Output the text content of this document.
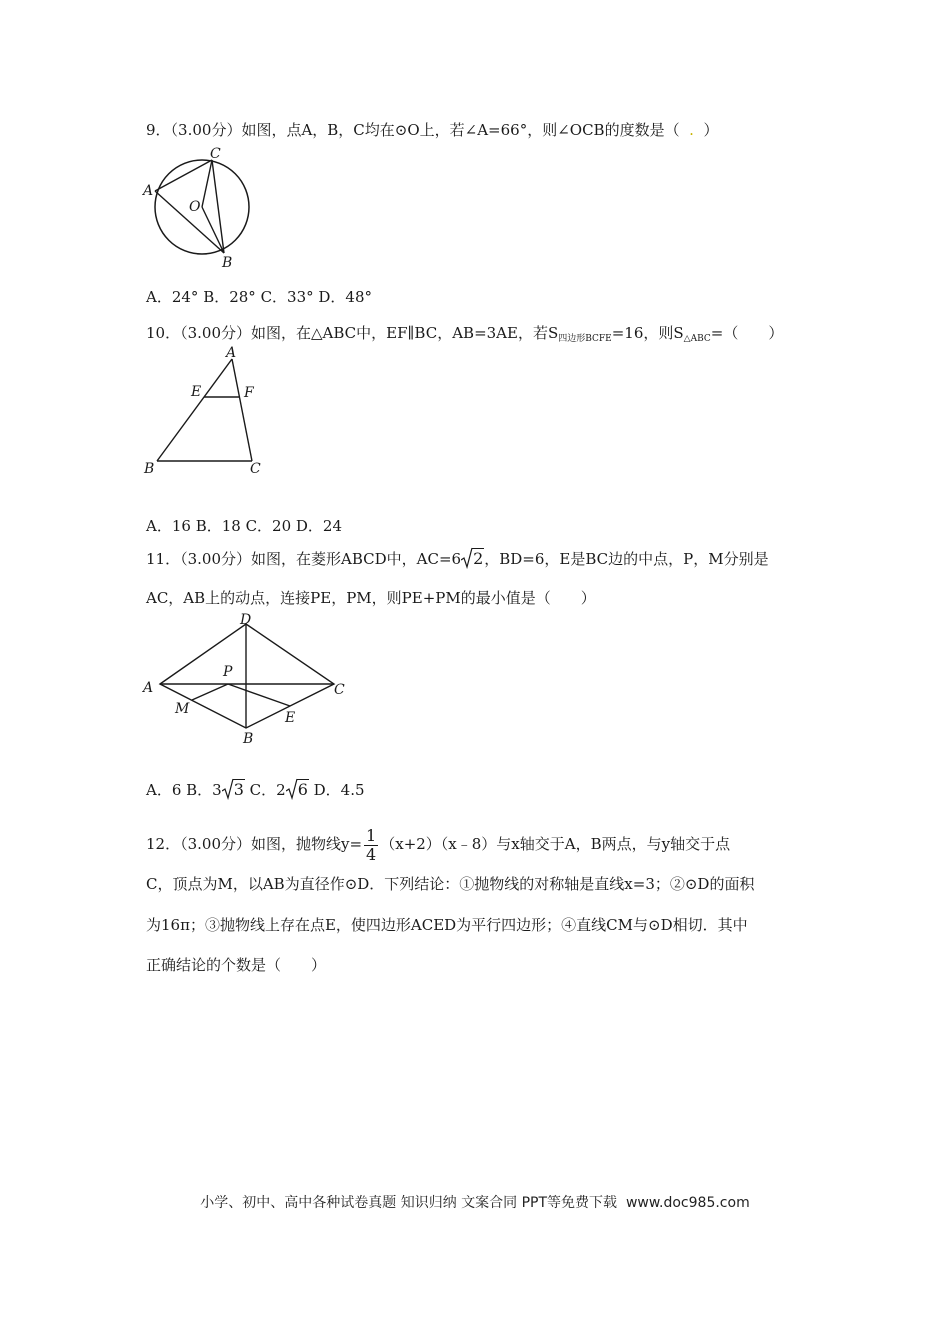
9．（3.00分）如图，点A，B，C均在⊙O上，若∠A=66°，则∠OCB的度数是（ . ）
A
C
O
B
A．24° B．28° C．33° D．48°
10．（3.00分）如图，在△ABC中，EF∥BC，AB=3AE，若$S_{四边形BCFE}=16$，则$S_{\triangle ABC}=$（　　）
A
E	F
B	C
A．16 B．18 C．20 D．24
11．（3.00分）如图，在菱形ABCD中，AC=6 2，BD=6，E是BC边的中点，P，M分别是
AC，AB上的动点，连接PE，PM，则PE+PM的最小值是（　　）
D
A	C
P
M
E
B
A．6 B．3 3 C．2 6 D．4.5
12．（3.00分）如图，抛物线$y= \frac{1}{4}$ （x+2）（x﹣8）与x轴交于A，B两点，与y轴交于点
C，顶点为M，以AB为直径作⊙D．下列结论：①抛物线的对称轴是直线x=3；②⊙D的面积
为16π；③抛物线上存在点E，使四边形ACED为平行四边形；④直线CM与⊙D相切．其中
正确结论的个数是（　　）
小学、初中、高中各种试卷真题 知识归纳 文案合同 PPT等免费下载 www.doc985.com
